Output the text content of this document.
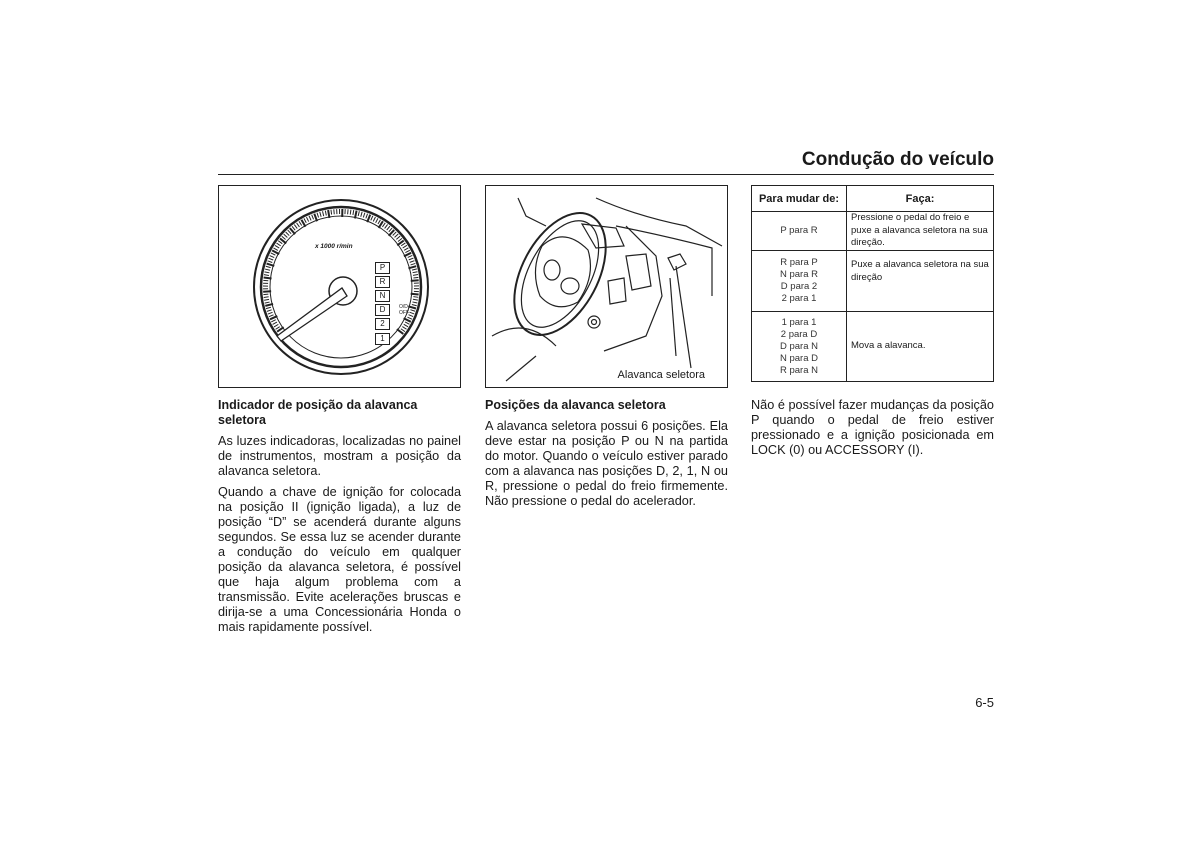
Condução do veículo
x 1000 r/min
P
R
N
D
2
1
O/D
OFF
Alavanca seletora
Para mudar de:	Faça:

P para R	Pressione o pedal do freio e puxe a alavanca seletora na sua direção.

R para P
N para R
D para 2
2 para 1	Puxe a alavanca seletora na sua direção

1 para 1
2 para D
D para N
N para D
R para N	Mova a alavanca.
Indicador de posição da alavanca seletora

As luzes indicadoras, localizadas no painel de instrumentos, mostram a posição da alavanca seletora.

Quando a chave de ignição for colocada na posição II (ignição ligada), a luz de posição “D” se acenderá durante alguns segundos. Se essa luz se acender durante a condução do veículo em qualquer posição da alavanca seletora, é possível que haja algum problema com a transmissão. Evite acelerações bruscas e dirija-se a uma Concessionária Honda o mais rapidamente possível.

Posições da alavanca seletora

A alavanca seletora possui 6 posições. Ela deve estar na posição P ou N na partida do motor. Quando o veículo estiver parado com a alavanca nas posições D, 2, 1, N ou R, pressione o pedal do freio firmemente. Não pressione o pedal do acelerador.

Não é possível fazer mudanças da posição P quando o pedal de freio estiver pressionado e a ignição posicionada em LOCK (0) ou ACCESSORY (I).

6-5
